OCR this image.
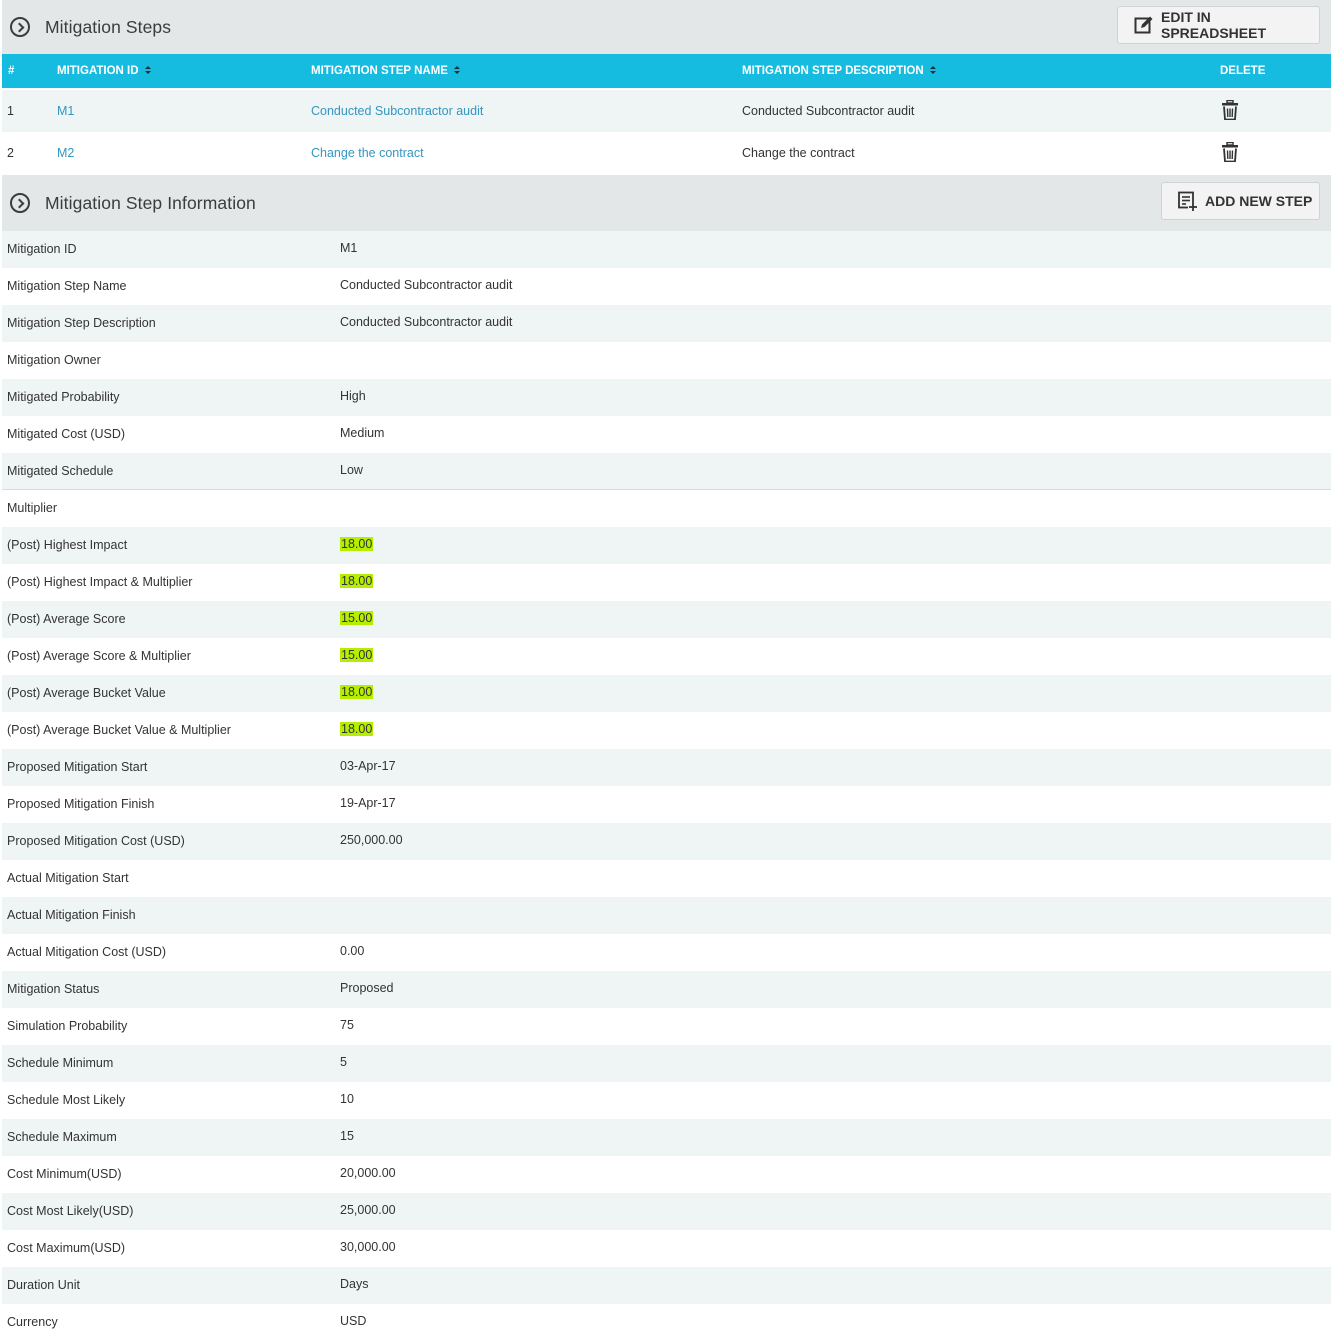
Mitigation Steps	EDIT IN SPREADSHEET
#	MITIGATION ID	MITIGATION STEP NAME	MITIGATION STEP DESCRIPTION	DELETE
1	M1	Conducted Subcontractor audit	Conducted Subcontractor audit
2	M2	Change the contract	Change the contract
Mitigation Step Information	ADD NEW STEP
Mitigation ID	M1
Mitigation Step Name	Conducted Subcontractor audit
Mitigation Step Description	Conducted Subcontractor audit
Mitigation Owner
Mitigated Probability	High
Mitigated Cost (USD)	Medium
Mitigated Schedule	Low
Multiplier
(Post) Highest Impact	18.00
(Post) Highest Impact & Multiplier	18.00
(Post) Average Score	15.00
(Post) Average Score & Multiplier	15.00
(Post) Average Bucket Value	18.00
(Post) Average Bucket Value & Multiplier	18.00
Proposed Mitigation Start	03-Apr-17
Proposed Mitigation Finish	19-Apr-17
Proposed Mitigation Cost (USD)	250,000.00
Actual Mitigation Start
Actual Mitigation Finish
Actual Mitigation Cost (USD)	0.00
Mitigation Status	Proposed
Simulation Probability	75
Schedule Minimum	5
Schedule Most Likely	10
Schedule Maximum	15
Cost Minimum(USD)	20,000.00
Cost Most Likely(USD)	25,000.00
Cost Maximum(USD)	30,000.00
Duration Unit	Days
Currency	USD
